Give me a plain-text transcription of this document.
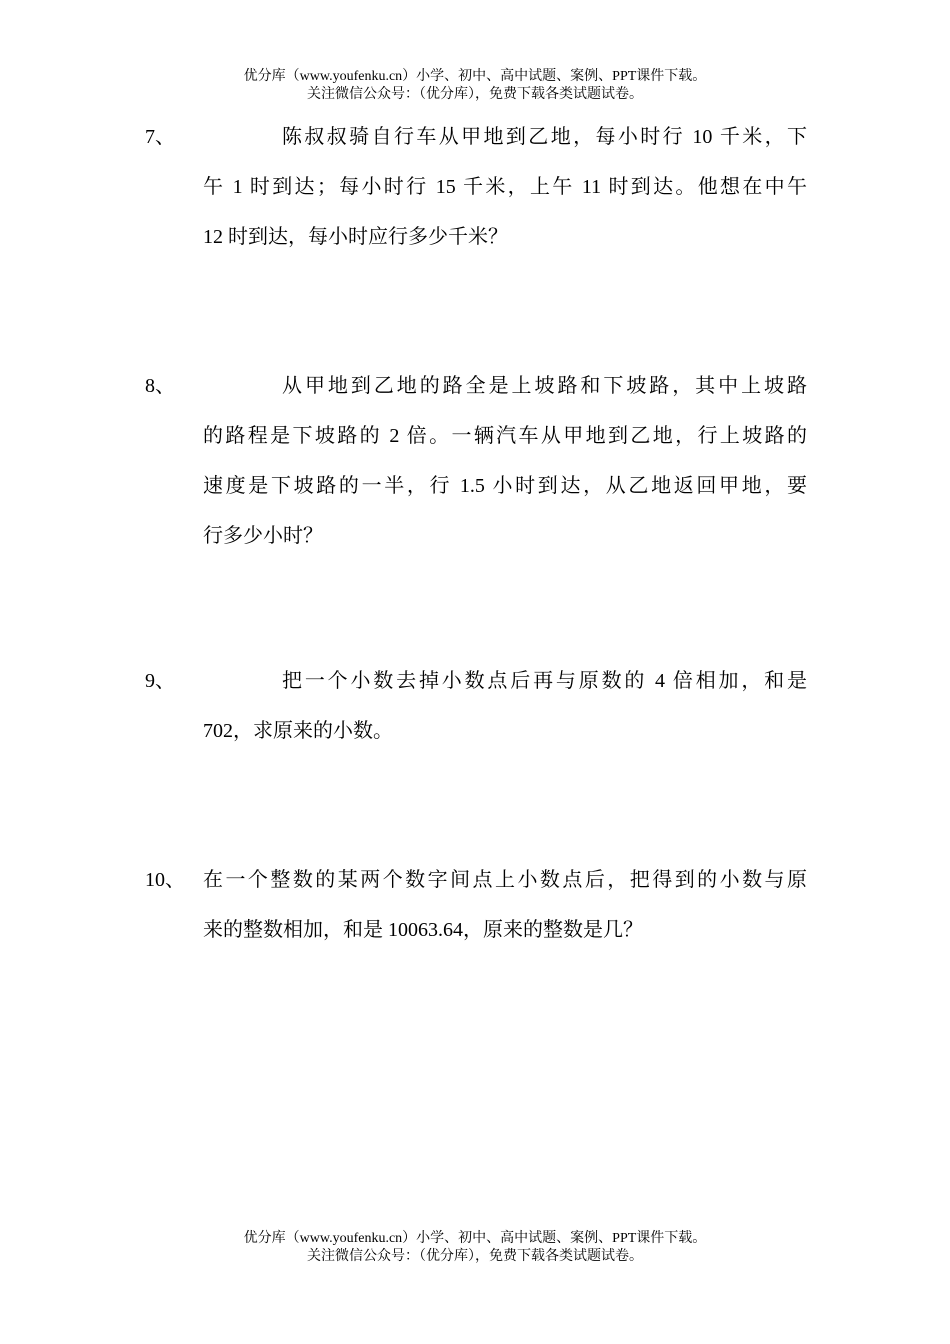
优分库（www.youfenku.cn）小学、初中、高中试题、案例、PPT课件下载。
关注微信公众号：（优分库），免费下载各类试题试卷。
7、	陈叔叔骑自行车从甲地到乙地，每小时行 10 千米，下
午 1 时到达；每小时行 15 千米，上午 11 时到达。他想在中午
12 时到达，每小时应行多少千米？
8、	从甲地到乙地的路全是上坡路和下坡路，其中上坡路
的路程是下坡路的 2 倍。一辆汽车从甲地到乙地，行上坡路的
速度是下坡路的一半，行 1.5 小时到达，从乙地返回甲地，要
行多少小时？
9、	把一个小数去掉小数点后再与原数的 4 倍相加，和是
702，求原来的小数。
10、 在一个整数的某两个数字间点上小数点后，把得到的小数与原
来的整数相加，和是 10063.64，原来的整数是几？
优分库（www.youfenku.cn）小学、初中、高中试题、案例、PPT课件下载。
关注微信公众号：（优分库），免费下载各类试题试卷。
